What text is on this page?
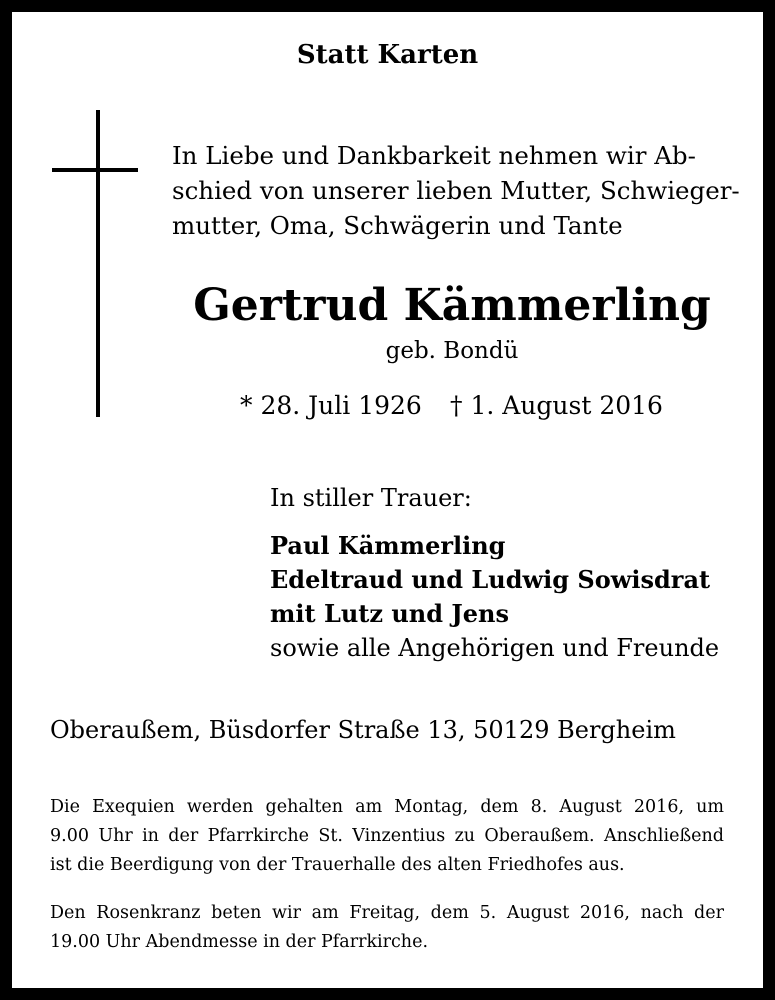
Statt Karten
In Liebe und Dankbarkeit nehmen wir Ab-
schied von unserer lieben Mutter, Schwieger-
mutter, Oma, Schwägerin und Tante
Gertrud Kämmerling
geb. Bondü
* 28. Juli 1926 † 1. August 2016
In stiller Trauer:
Paul Kämmerling
Edeltraud und Ludwig Sowisdrat
mit Lutz und Jens
sowie alle Angehörigen und Freunde
Oberaußem, Büsdorfer Straße 13, 50129 Bergheim
Die Exequien werden gehalten am Montag, dem 8. August 2016, um
9.00 Uhr in der Pfarrkirche St. Vinzentius zu Oberaußem. Anschließend
ist die Beerdigung von der Trauerhalle des alten Friedhofes aus.
Den Rosenkranz beten wir am Freitag, dem 5. August 2016, nach der
19.00 Uhr Abendmesse in der Pfarrkirche.
